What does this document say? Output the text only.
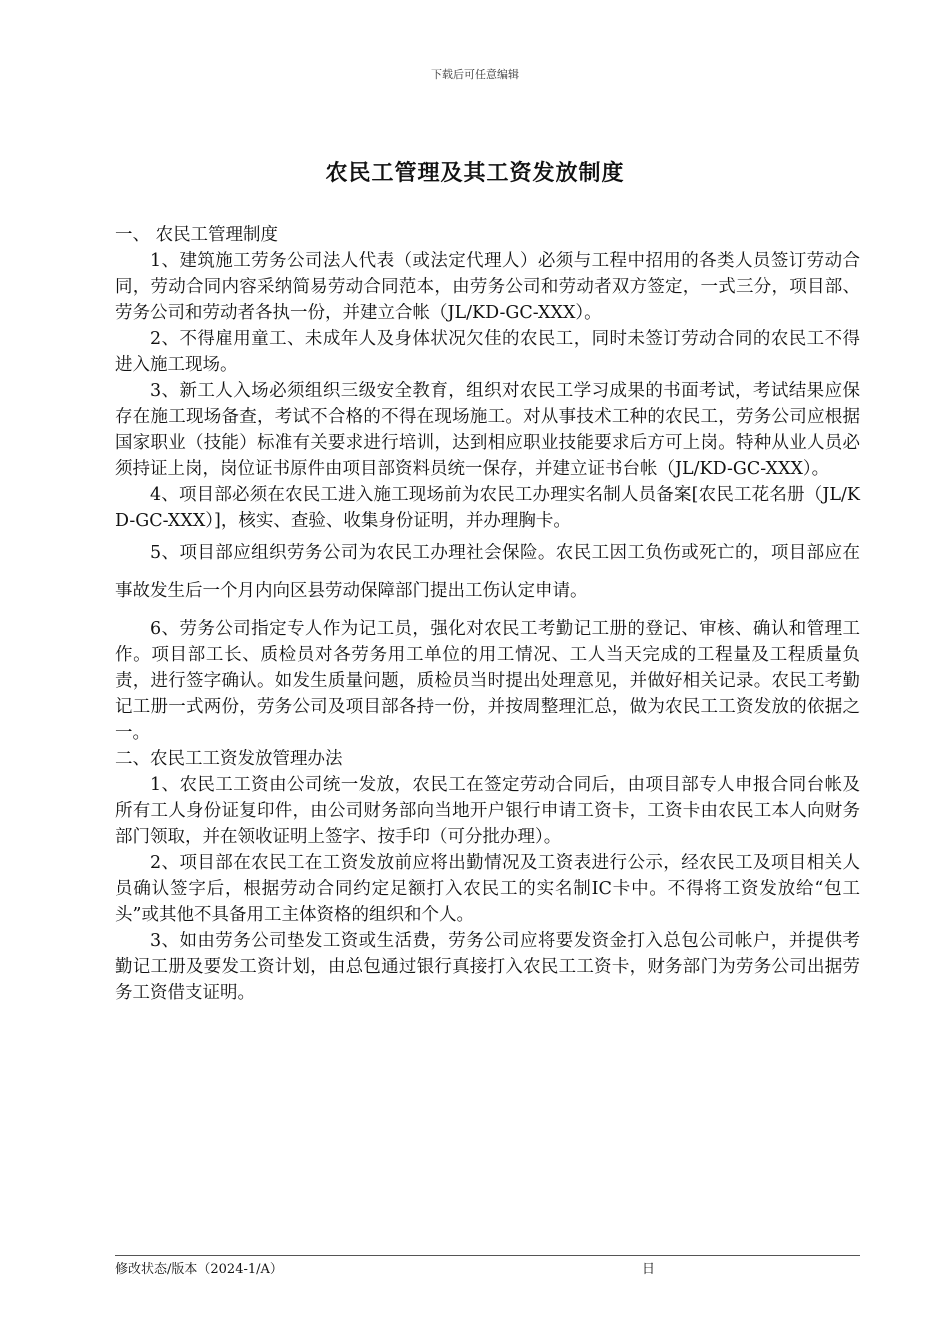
下载后可任意编辑
农民工管理及其工资发放制度

一、 农民工管理制度

1、建筑施工劳务公司法人代表（或法定代理人）必须与工程中招用的各类人员签订劳动合同，劳动合同内容采纳简易劳动合同范本，由劳务公司和劳动者双方签定，一式三分，项目部、劳务公司和劳动者各执一份，并建立合帐（JL/KD-GC-XXX）。

2、不得雇用童工、未成年人及身体状况欠佳的农民工，同时未签订劳动合同的农民工不得进入施工现场。

3、新工人入场必须组织三级安全教育，组织对农民工学习成果的书面考试，考试结果应保存在施工现场备查，考试不合格的不得在现场施工。对从事技术工种的农民工，劳务公司应根据国家职业（技能）标准有关要求进行培训，达到相应职业技能要求后方可上岗。特种从业人员必须持证上岗，岗位证书原件由项目部资料员统一保存，并建立证书台帐（JL/KD-GC-XXX）。

4、项目部必须在农民工进入施工现场前为农民工办理实名制人员备案[农民工花名册（JL/KD-GC-XXX）]，核实、查验、收集身份证明，并办理胸卡。

5、项目部应组织劳务公司为农民工办理社会保险。农民工因工负伤或死亡的，项目部应在事故发生后一个月内向区县劳动保障部门提出工伤认定申请。

6、劳务公司指定专人作为记工员，强化对农民工考勤记工册的登记、审核、确认和管理工作。项目部工长、质检员对各劳务用工单位的用工情况、工人当天完成的工程量及工程质量负责，进行签字确认。如发生质量问题，质检员当时提出处理意见，并做好相关记录。农民工考勤记工册一式两份，劳务公司及项目部各持一份，并按周整理汇总，做为农民工工资发放的依据之一。

二、农民工工资发放管理办法

1、农民工工资由公司统一发放，农民工在签定劳动合同后，由项目部专人申报合同台帐及所有工人身份证复印件，由公司财务部向当地开户银行申请工资卡，工资卡由农民工本人向财务部门领取，并在领收证明上签字、按手印（可分批办理）。

2、项目部在农民工在工资发放前应将出勤情况及工资表进行公示，经农民工及项目相关人员确认签字后，根据劳动合同约定足额打入农民工的实名制IC卡中。不得将工资发放给“包工头”或其他不具备用工主体资格的组织和个人。

3、如由劳务公司垫发工资或生活费，劳务公司应将要发资金打入总包公司帐户，并提供考勤记工册及要发工资计划，由总包通过银行真接打入农民工工资卡，财务部门为劳务公司出据劳务工资借支证明。

修改状态/版本（2024-1/A）	日
